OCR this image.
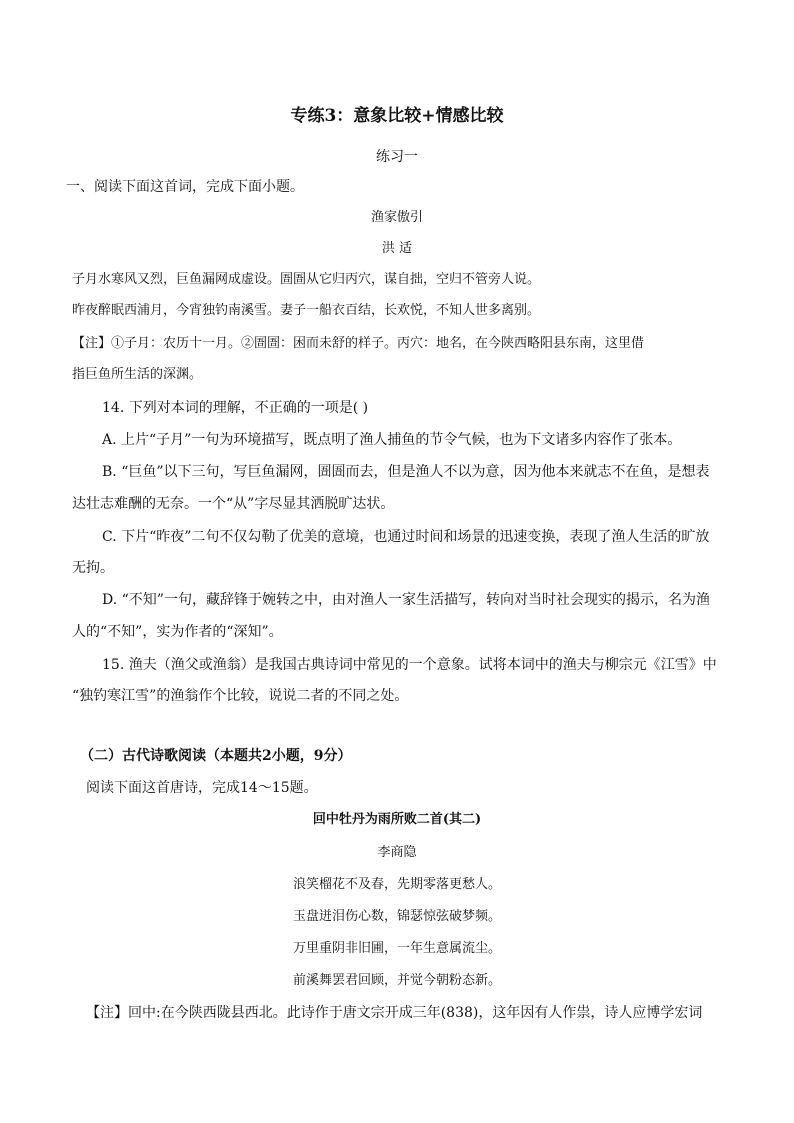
专练3：意象比较+情感比较
练习一
一、阅读下面这首词，完成下面小题。
渔家傲引
洪 适
子月水寒风又烈，巨鱼漏网成虚设。圄圄从它归丙穴，谋自拙，空归不管旁人说。
昨夜醉眠西浦月，今宵独钓南溪雪。妻子一船衣百结，长欢悦，不知人世多离别。
【注】①子月：农历十一月。②圄圄：困而未舒的样子。丙穴：地名，在今陕西略阳县东南，这里借
指巨鱼所生活的深渊。
14. 下列对本词的理解，不正确的一项是( )
A. 上片“子月”一句为环境描写，既点明了渔人捕鱼的节令气候，也为下文诸多内容作了张本。
B. “巨鱼”以下三句，写巨鱼漏网，圄圄而去，但是渔人不以为意，因为他本来就志不在鱼，是想表
达壮志难酬的无奈。一个“从”字尽显其洒脱旷达状。
C. 下片“昨夜”二句不仅勾勒了优美的意境，也通过时间和场景的迅速变换，表现了渔人生活的旷放
无拘。
D. “不知”一句，藏辞锋于婉转之中，由对渔人一家生活描写，转向对当时社会现实的揭示，名为渔
人的“不知”，实为作者的“深知”。
15. 渔夫（渔父或渔翁）是我国古典诗词中常见的一个意象。试将本词中的渔夫与柳宗元《江雪》中
“独钓寒江雪”的渔翁作个比较，说说二者的不同之处。
（二）古代诗歌阅读（本题共2小题，9分）
阅读下面这首唐诗，完成14～15题。
回中牡丹为雨所败二首(其二)
李商隐
浪笑榴花不及春，先期零落更愁人。
玉盘迸泪伤心数，锦瑟惊弦破梦频。
万里重阴非旧圃，一年生意属流尘。
前溪舞罢君回顾，并觉今朝粉态新。
【注】回中:在今陕西陇县西北。此诗作于唐文宗开成三年(838)，这年因有人作祟，诗人应博学宏词
